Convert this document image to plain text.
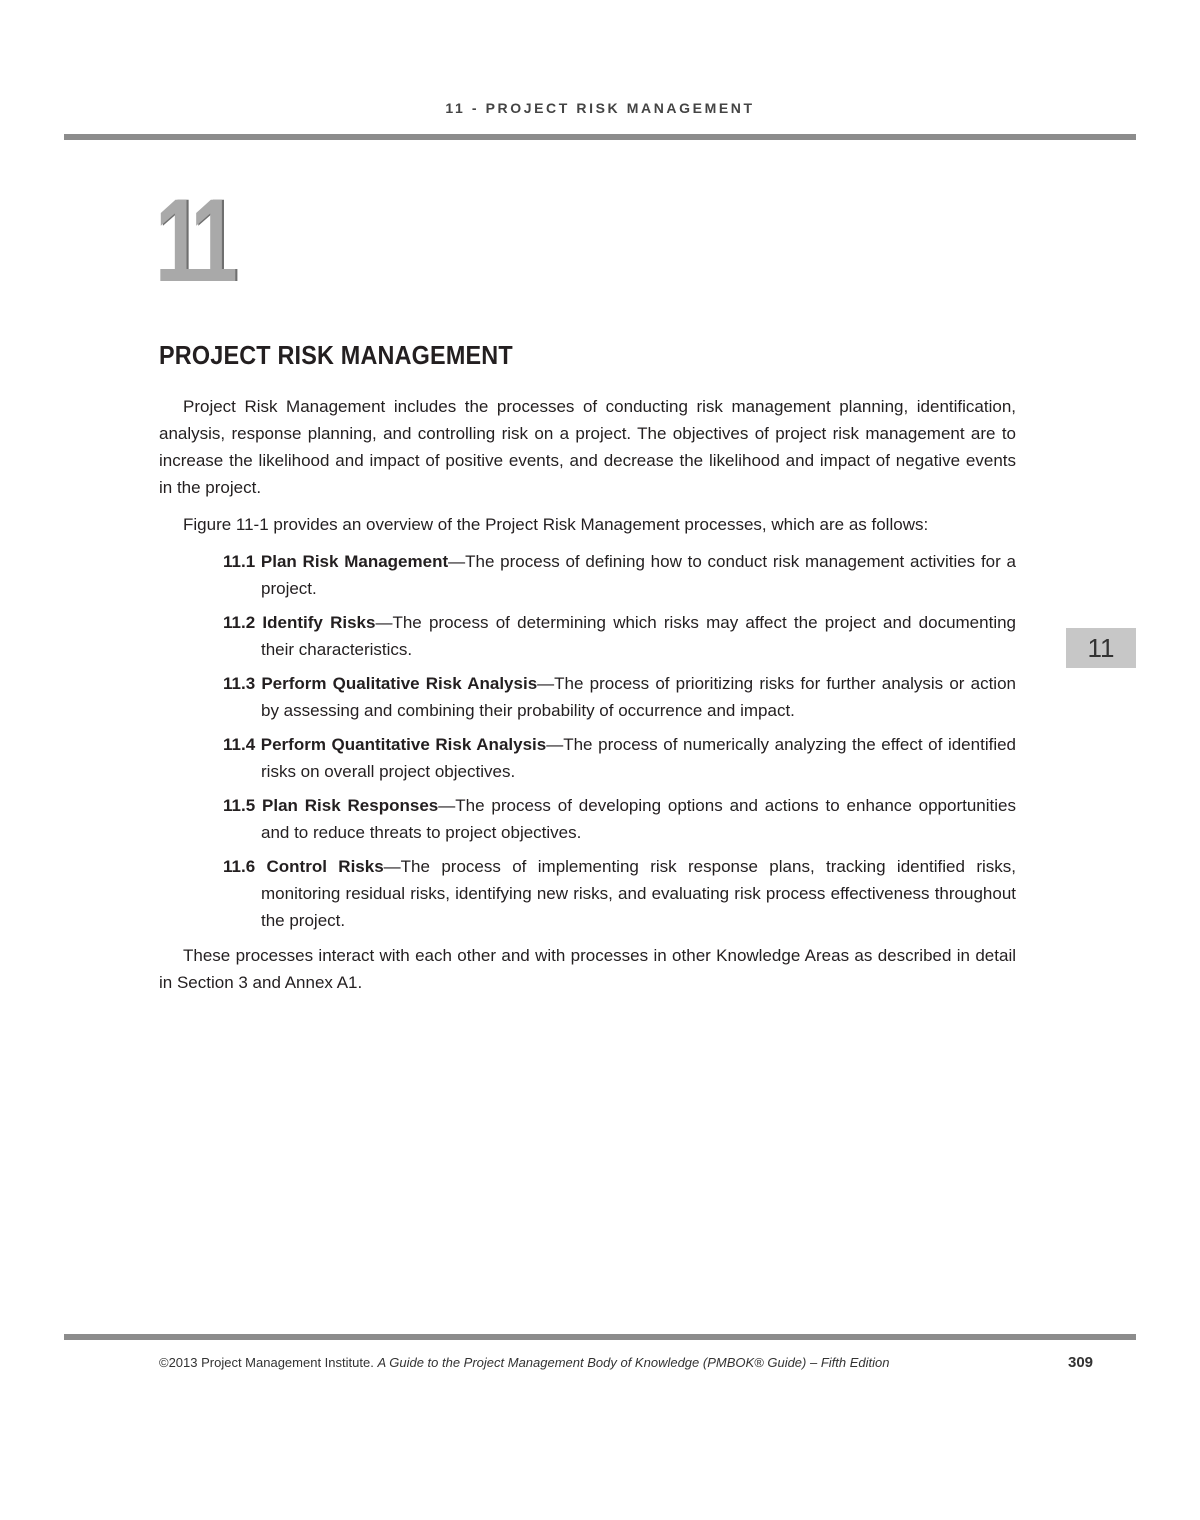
11 - PROJECT RISK MANAGEMENT
11
PROJECT RISK MANAGEMENT

Project Risk Management includes the processes of conducting risk management planning, identification, analysis, response planning, and controlling risk on a project. The objectives of project risk management are to increase the likelihood and impact of positive events, and decrease the likelihood and impact of negative events in the project.

Figure 11-1 provides an overview of the Project Risk Management processes, which are as follows:

11.1 Plan Risk Management—The process of defining how to conduct risk management activities for a project.
11.2 Identify Risks—The process of determining which risks may affect the project and documenting their characteristics.
11.3 Perform Qualitative Risk Analysis—The process of prioritizing risks for further analysis or action by assessing and combining their probability of occurrence and impact.
11.4 Perform Quantitative Risk Analysis—The process of numerically analyzing the effect of identified risks on overall project objectives.
11.5 Plan Risk Responses—The process of developing options and actions to enhance opportunities and to reduce threats to project objectives.
11.6 Control Risks—The process of implementing risk response plans, tracking identified risks, monitoring residual risks, identifying new risks, and evaluating risk process effectiveness throughout the project.

These processes interact with each other and with processes in other Knowledge Areas as described in detail in Section 3 and Annex A1.

11
©2013 Project Management Institute. A Guide to the Project Management Body of Knowledge (PMBOK® Guide) – Fifth Edition	309
